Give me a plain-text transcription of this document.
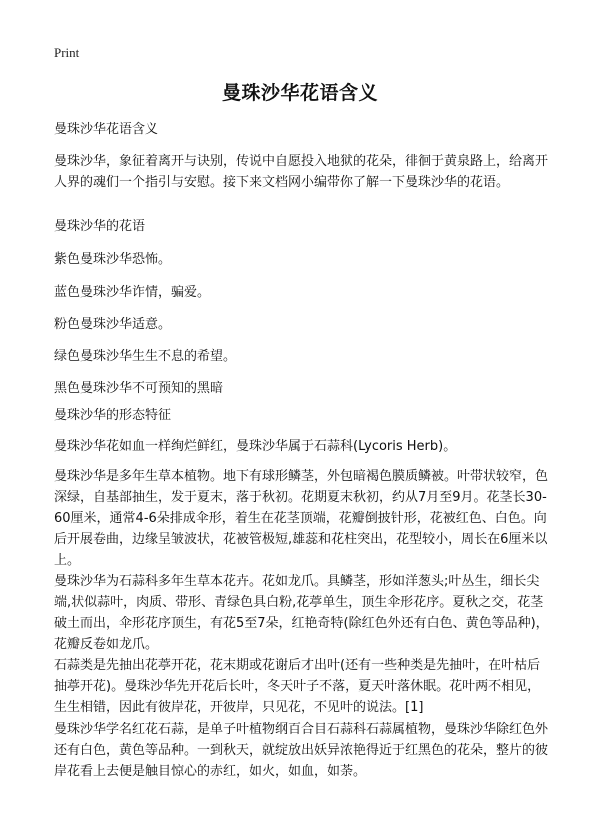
Print
曼珠沙华花语含义

曼珠沙华花语含义

曼珠沙华，象征着离开与诀别，传说中自愿投入地狱的花朵，徘徊于黄泉路上，给离开人界的魂们一个指引与安慰。接下来文档网小编带你了解一下曼珠沙华的花语。

曼珠沙华的花语

紫色曼珠沙华恐怖。

蓝色曼珠沙华诈情，骗爱。

粉色曼珠沙华适意。

绿色曼珠沙华生生不息的希望。

黑色曼珠沙华不可预知的黑暗

曼珠沙华的形态特征

曼珠沙华花如血一样绚烂鲜红，曼珠沙华属于石蒜科(Lycoris Herb)。

曼珠沙华是多年生草本植物。地下有球形鳞茎，外包暗褐色膜质鳞被。叶带状较窄，色深绿，自基部抽生，发于夏末，落于秋初。花期夏末秋初，约从7月至9月。花茎长30-60厘米，通常4-6朵排成伞形，着生在花茎顶端，花瓣倒披针形，花被红色、白色。向后开展卷曲，边缘呈皱波状，花被管极短,雄蕊和花柱突出，花型较小，周长在6厘米以上。

曼珠沙华为石蒜科多年生草本花卉。花如龙爪。具鳞茎，形如洋葱头;叶丛生，细长尖端,状似蒜叶，肉质、带形、青绿色具白粉,花葶单生，顶生伞形花序。夏秋之交，花茎破土而出，伞形花序顶生，有花5至7朵，红艳奇特(除红色外还有白色、黄色等品种)，花瓣反卷如龙爪。

石蒜类是先抽出花葶开花，花末期或花谢后才出叶(还有一些种类是先抽叶，在叶枯后抽葶开花)。曼珠沙华先开花后长叶，冬天叶子不落，夏天叶落休眠。花叶两不相见，生生相错，因此有彼岸花，开彼岸，只见花，不见叶的说法。[1]

曼珠沙华学名红花石蒜，是单子叶植物纲百合目石蒜科石蒜属植物，曼珠沙华除红色外还有白色，黄色等品种。一到秋天，就绽放出妖异浓艳得近于红黑色的花朵，整片的彼岸花看上去便是触目惊心的赤红，如火，如血，如荼。
